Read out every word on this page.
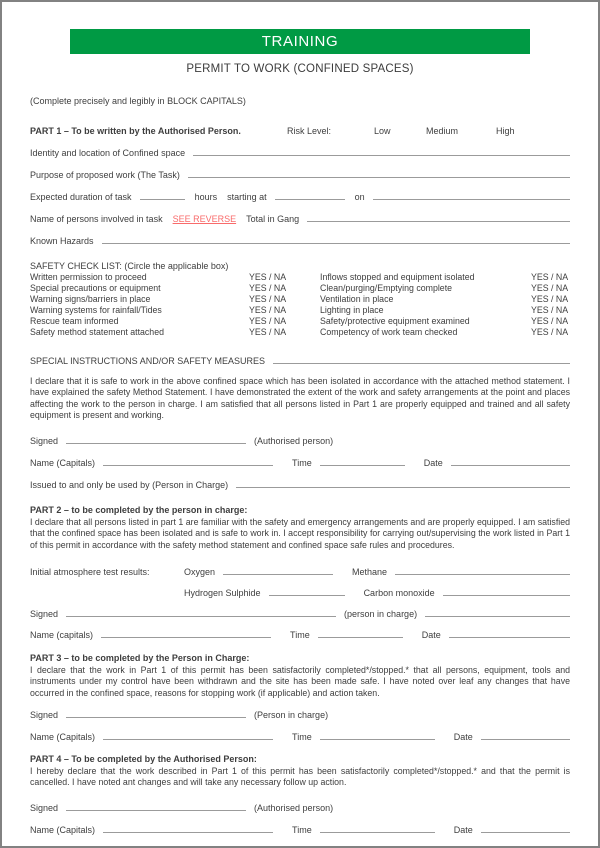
TRAINING
PERMIT TO WORK (CONFINED SPACES)
(Complete precisely and legibly in BLOCK CAPITALS)
PART 1 – To be written by the Authorised Person.	Risk Level:	Low	Medium	High
Identity and location of Confined space
Purpose of proposed work (The Task)
Expected duration of task	hours starting at	on
Name of persons involved in task SEE REVERSE Total in Gang
Known Hazards
SAFETY CHECK LIST: (Circle the applicable box)
Written permission to proceed	YES / NA	Inflows stopped and equipment isolated	YES / NA
Special precautions or equipment	YES / NA	Clean/purging/Emptying complete	YES / NA
Warning signs/barriers in place	YES / NA	Ventilation in place	YES / NA
Warning systems for rainfall/Tides	YES / NA	Lighting in place	YES / NA
Rescue team informed	YES / NA	Safety/protective equipment examined	YES / NA
Safety method statement attached	YES / NA	Competency of work team checked	YES / NA
SPECIAL INSTRUCTIONS AND/OR SAFETY MEASURES
I declare that it is safe to work in the above confined space which has been isolated in accordance with the attached method statement. I have explained the safety Method Statement. I have demonstrated the extent of the work and safety arrangements at the point and places affecting the work to the person in charge. I am satisfied that all persons listed in Part 1 are properly equipped and trained and all safety equipment is present and working.
Signed	(Authorised person)
Name (Capitals)	Time	Date
Issued to and only be used by (Person in Charge)
PART 2 – to be completed by the person in charge:
I declare that all persons listed in part 1 are familiar with the safety and emergency arrangements and are properly equipped. I am satisfied that the confined space has been isolated and is safe to work in. I accept responsibility for carrying out/supervising the work listed in Part 1 of this permit in accordance with the safety method statement and confined space safe rules and procedures.
Initial atmosphere test results:	Oxygen	Methane
Hydrogen Sulphide	Carbon monoxide
Signed	(person in charge)
Name (capitals)	Time	Date
PART 3 – to be completed by the Person in Charge:
I declare that the work in Part 1 of this permit has been satisfactorily completed*/stopped.* that all persons, equipment, tools and instruments under my control have been withdrawn and the site has been made safe. I have noted over leaf any changes that have occurred in the confined space, reasons for stopping work (if applicable) and action taken.
Signed	(Person in charge)
Name (Capitals)	Time	Date
PART 4 – To be completed by the Authorised Person:
I hereby declare that the work described in Part 1 of this permit has been satisfactorily completed*/stopped.* and that the permit is cancelled. I have noted ant changes and will take any necessary follow up action.
Signed	(Authorised person)
Name (Capitals)	Time	Date
